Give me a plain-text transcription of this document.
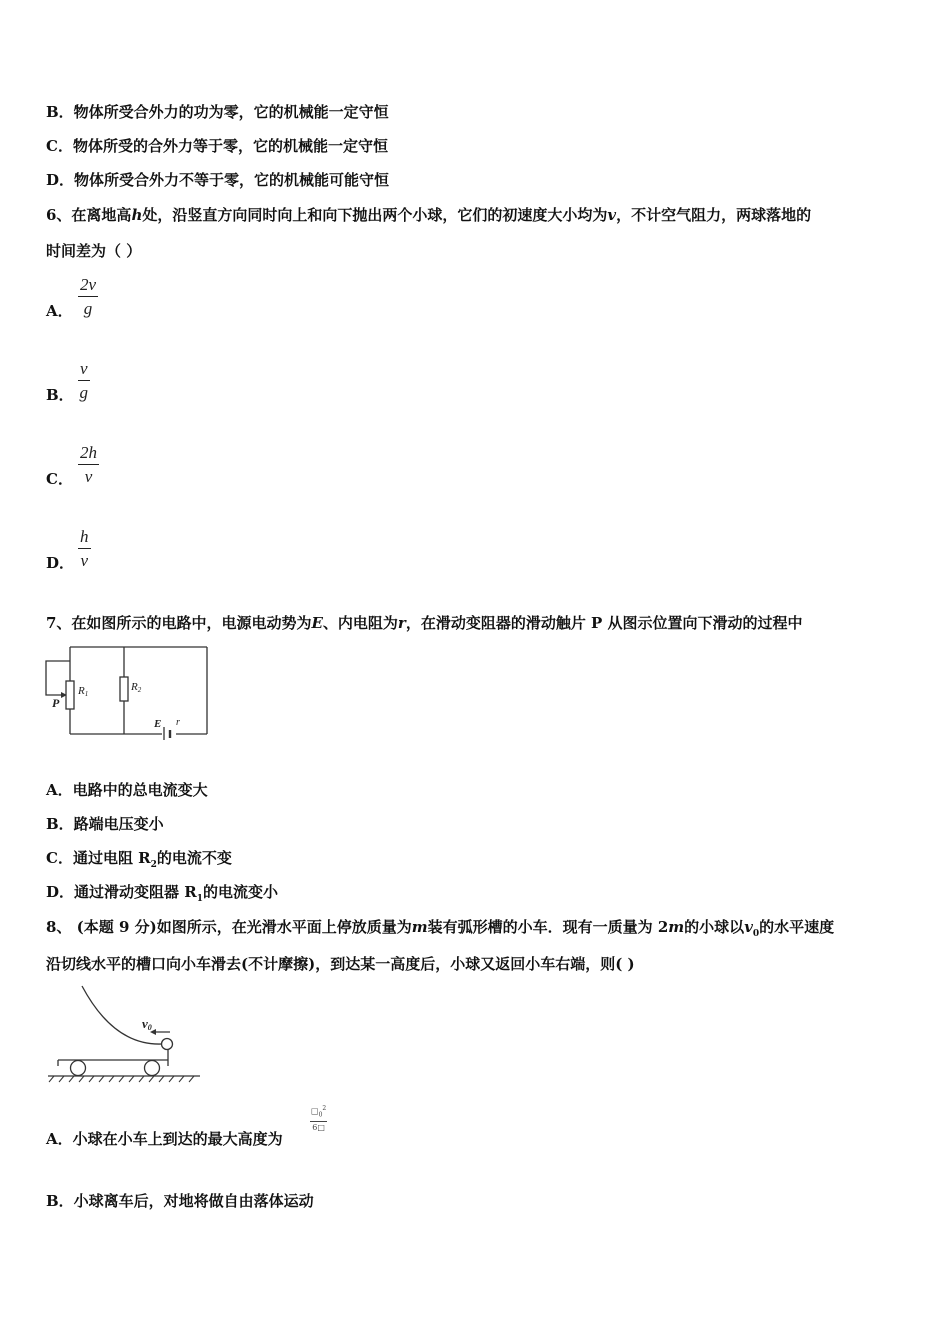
B．物体所受合外力的功为零，它的机械能一定守恒
C．物体所受的合外力等于零，它的机械能一定守恒
D．物体所受合外力不等于零，它的机械能可能守恒
6、在离地高h处，沿竖直方向同时向上和向下抛出两个小球，它们的初速度大小均为v，不计空气阻力，两球落地的
时间差为（ ）
A． $\frac{2v}{g}$
B． $\frac{v}{g}$
C． $\frac{2h}{v}$
D． $\frac{h}{v}$
7、在如图所示的电路中，电源电动势为E、内电阻为r，在滑动变阻器的滑动触片 P 从图示位置向下滑动的过程中
R1
R2
P
E r
A．电路中的总电流变大
B．路端电压变小
C．通过电阻 $R_2$的电流不变
D．通过滑动变阻器 $R_1$的电流变小
8、 (本题 9 分)如图所示，在光滑水平面上停放质量为m装有弧形槽的小车．现有一质量为 2m的小球以$v_0$的水平速度
沿切线水平的槽口向小车滑去(不计摩擦)，到达某一高度后，小球又返回小车右端，则( )
v0
A．小球在小车上到达的最大高度为
$□_0^2$
6□
B．小球离车后，对地将做自由落体运动
